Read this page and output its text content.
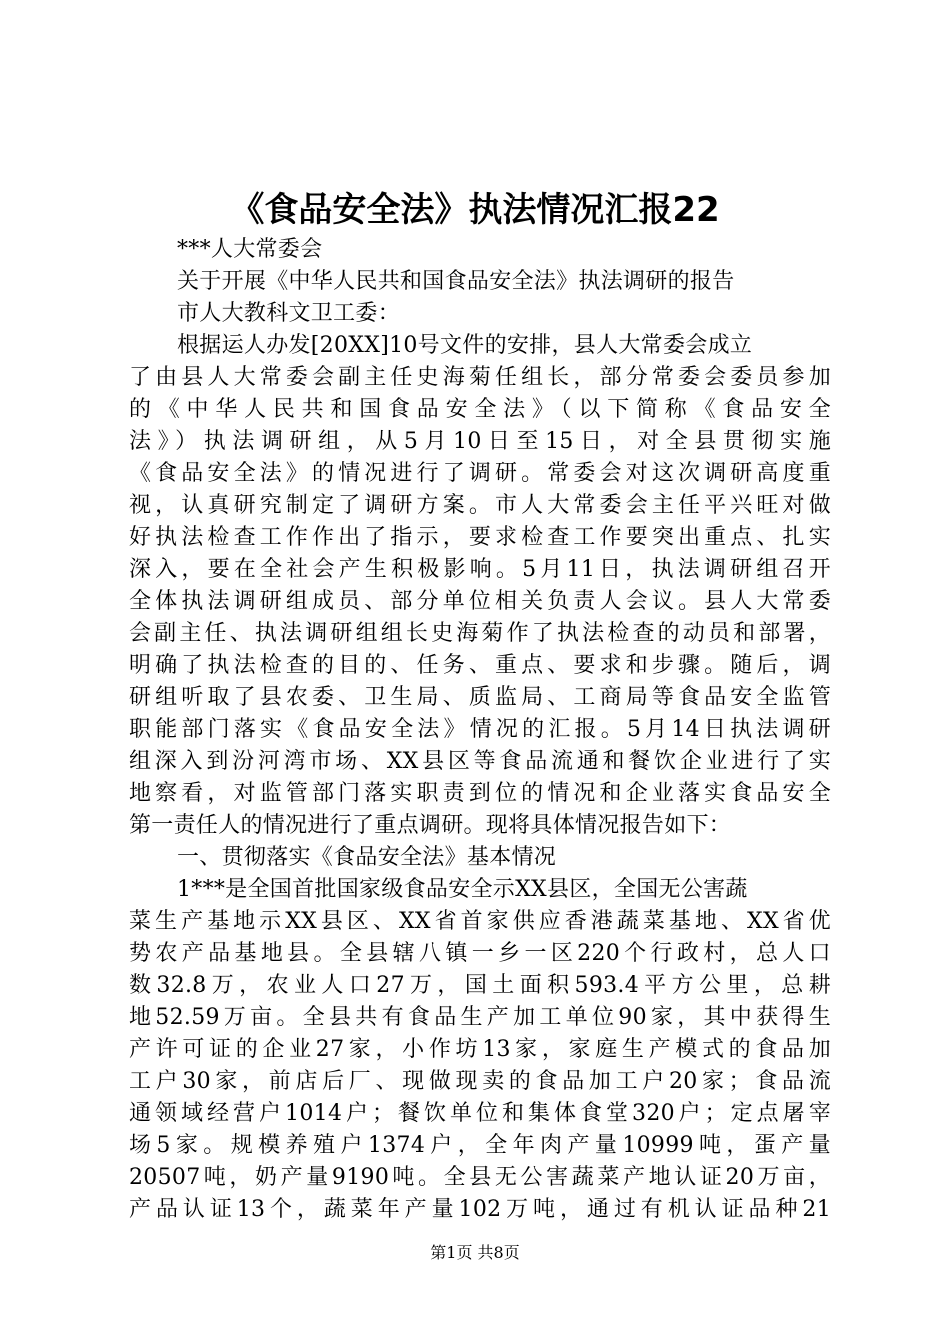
《食品安全法》执法情况汇报22
***人大常委会
关于开展《中华人民共和国食品安全法》执法调研的报告
市人大教科文卫工委：
根据运人办发[20XX]10号文件的安排，县人大常委会成立
了由县人大常委会副主任史海菊任组长，部分常委会委员参加
的《中华人民共和国食品安全法》（以下简称《食品安全
法》）执法调研组，从5月10日至15日，对全县贯彻实施
《食品安全法》的情况进行了调研。常委会对这次调研高度重
视，认真研究制定了调研方案。市人大常委会主任平兴旺对做
好执法检查工作作出了指示，要求检查工作要突出重点、扎实
深入，要在全社会产生积极影响。5月11日，执法调研组召开
全体执法调研组成员、部分单位相关负责人会议。县人大常委
会副主任、执法调研组组长史海菊作了执法检查的动员和部署，
明确了执法检查的目的、任务、重点、要求和步骤。随后，调
研组听取了县农委、卫生局、质监局、工商局等食品安全监管
职能部门落实《食品安全法》情况的汇报。5月14日执法调研
组深入到汾河湾市场、XX县区等食品流通和餐饮企业进行了实
地察看，对监管部门落实职责到位的情况和企业落实食品安全
第一责任人的情况进行了重点调研。现将具体情况报告如下：
一、贯彻落实《食品安全法》基本情况
1***是全国首批国家级食品安全示XX县区，全国无公害蔬
菜生产基地示XX县区、XX省首家供应香港蔬菜基地、XX省优
势农产品基地县。全县辖八镇一乡一区220个行政村，总人口
数32.8万，农业人口27万，国土面积593.4平方公里，总耕
地52.59万亩。全县共有食品生产加工单位90家，其中获得生
产许可证的企业27家，小作坊13家，家庭生产模式的食品加
工户30家，前店后厂、现做现卖的食品加工户20家；食品流
通领域经营户1014户；餐饮单位和集体食堂320户；定点屠宰
场5家。规模养殖户1374户，全年肉产量10999吨，蛋产量
20507吨，奶产量9190吨。全县无公害蔬菜产地认证20万亩，
产品认证13个，蔬菜年产量102万吨，通过有机认证品种21
第1页 共8页
